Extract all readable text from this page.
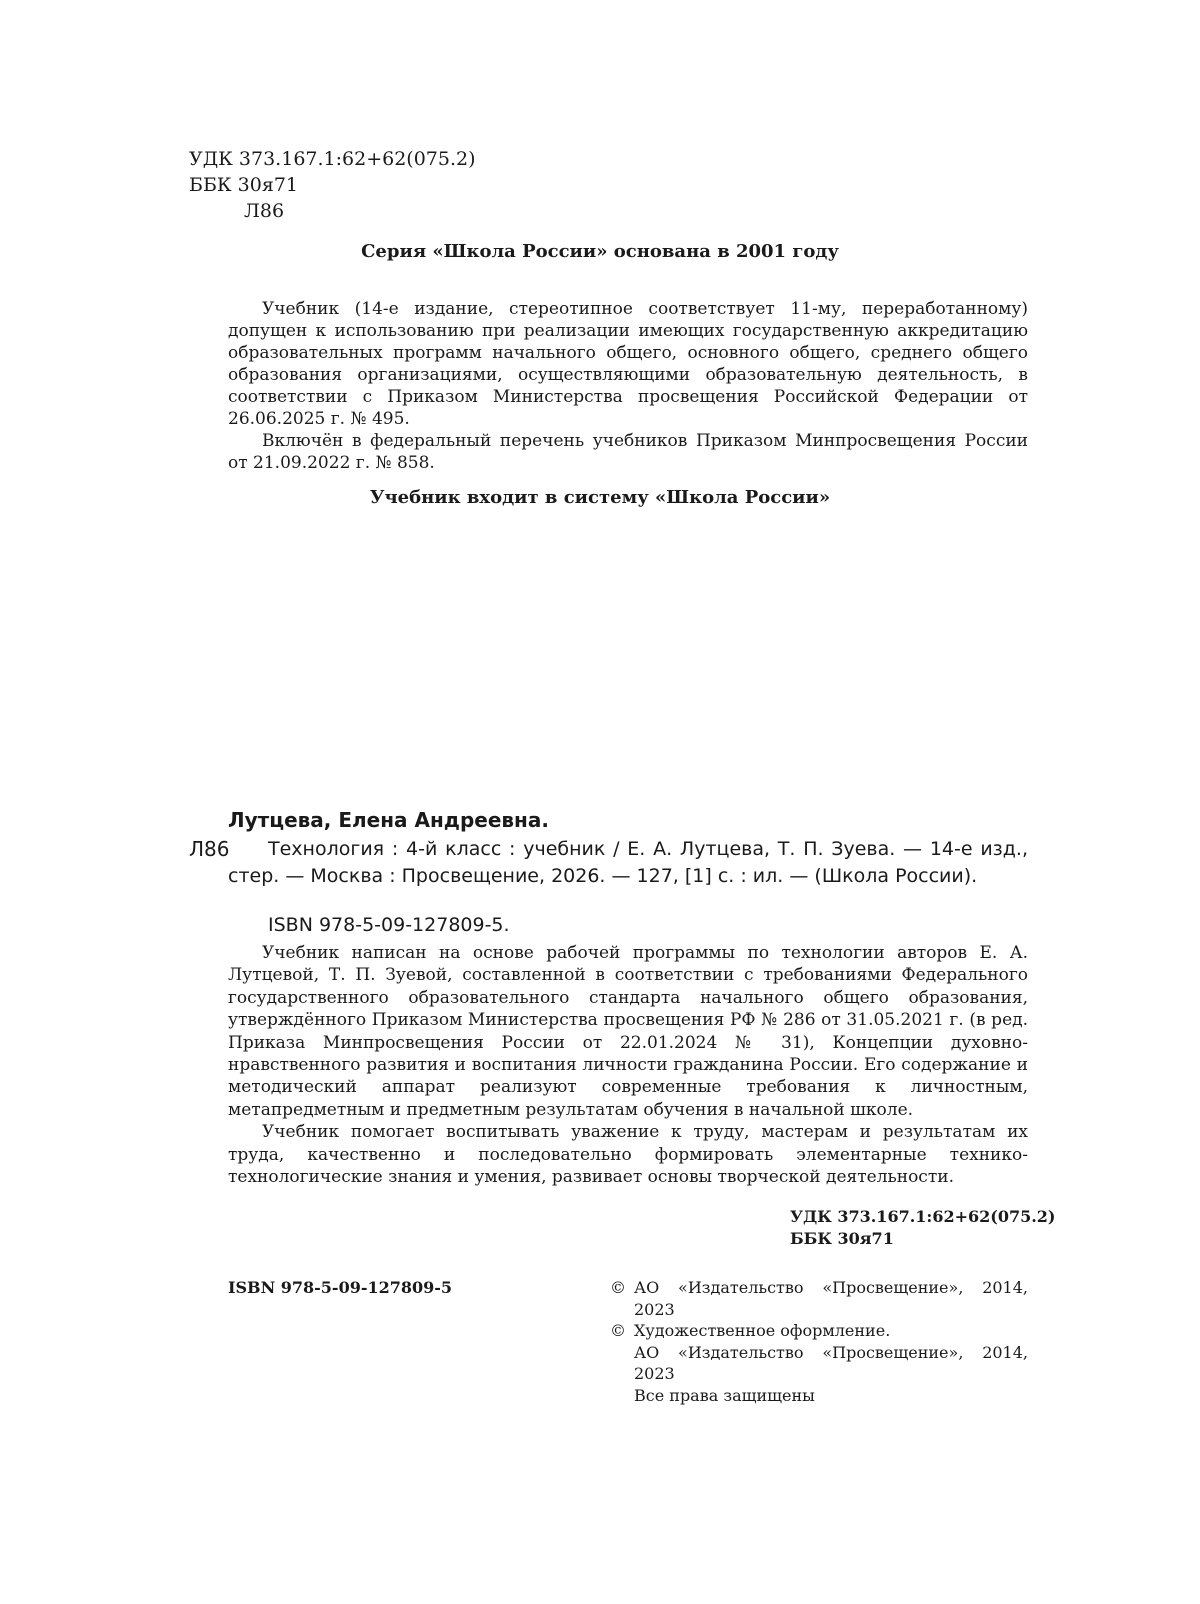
УДК 373.167.1:62+62(075.2)
ББК 30я71
Л86
Серия «Школа России» основана в 2001 году

Учебник (14-е издание, стереотипное соответствует 11-му, переработанному) допущен к использованию при реализации имеющих государственную аккредитацию образовательных программ начального общего, основного общего, среднего общего образования организациями, осуществляющими образовательную деятельность, в соответствии с Приказом Министерства просвещения Российской Федерации от 26.06.2025 г. № 495.

Включён в федеральный перечень учебников Приказом Минпросвещения России от 21.09.2022 г. № 858.

Учебник входит в систему «Школа России»
Лутцева, Елена Андреевна.
Л86	Технология : 4-й класс : учебник / Е. А. Лутцева, Т. П. Зуева. — 14-е изд., стер. — Москва : Просвещение, 2026. — 127, [1] с. : ил. — (Школа России).
ISBN 978-5-09-127809-5.

Учебник написан на основе рабочей программы по технологии авторов Е. А. Лутцевой, Т. П. Зуевой, составленной в соответствии с требованиями Федерального государственного образовательного стандарта начального общего образования, утверждённого Приказом Министерства просвещения РФ № 286 от 31.05.2021 г. (в ред. Приказа Минпросвещения России от 22.01.2024 № 31), Концепции духовно-нравственного развития и воспитания личности гражданина России. Его содержание и методический аппарат реализуют современные требования к личностным, метапредметным и предметным результатам обучения в начальной школе.

Учебник помогает воспитывать уважение к труду, мастерам и результатам их труда, качественно и последовательно формировать элементарные технико-технологические знания и умения, развивает основы творческой деятельности.

УДК 373.167.1:62+62(075.2)
ББК 30я71
ISBN 978-5-09-127809-5	© АО «Издательство «Просвещение», 2014, 2023
© Художественное оформление.
АО «Издательство «Просвещение», 2014, 2023
Все права защищены
